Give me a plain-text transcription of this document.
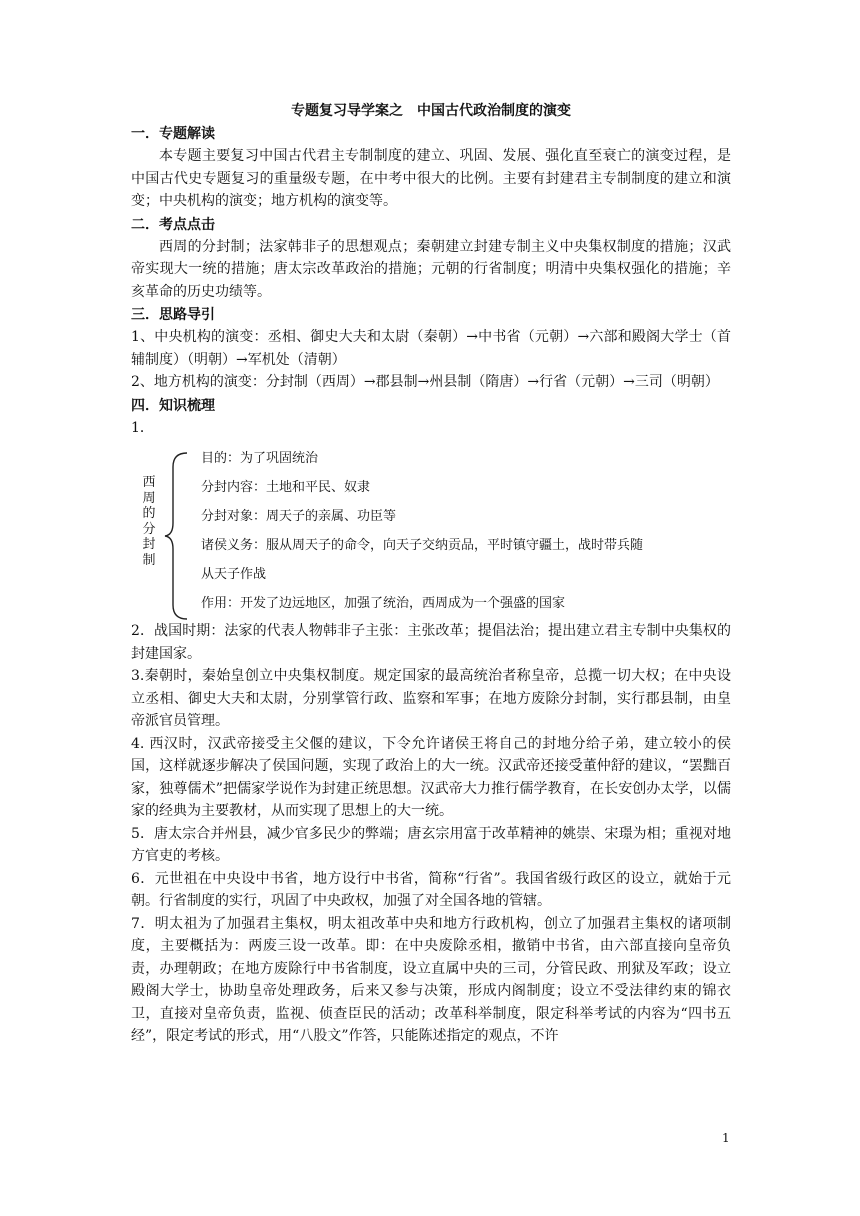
专题复习导学案之　中国古代政治制度的演变
一．专题解读

本专题主要复习中国古代君主专制制度的建立、巩固、发展、强化直至衰亡的演变过程，是中国古代史专题复习的重量级专题，在中考中很大的比例。主要有封建君主专制制度的建立和演变；中央机构的演变；地方机构的演变等。

二．考点点击

西周的分封制；法家韩非子的思想观点；秦朝建立封建专制主义中央集权制度的措施；汉武帝实现大一统的措施；唐太宗改革政治的措施；元朝的行省制度；明清中央集权强化的措施；辛亥革命的历史功绩等。

三．思路导引

1、中央机构的演变：丞相、御史大夫和太尉（秦朝）→中书省（元朝）→六部和殿阁大学士（首辅制度）（明朝）→军机处（清朝）

2、地方机构的演变：分封制（西周）→郡县制→州县制（隋唐）→行省（元朝）→三司（明朝）

四．知识梳理

1．

西周的分封制
目的：为了巩固统治
分封内容：土地和平民、奴隶
分封对象：周天子的亲属、功臣等
诸侯义务：服从周天子的命令，向天子交纳贡品，平时镇守疆土，战时带兵随
从天子作战
作用：开发了边远地区，加强了统治，西周成为一个强盛的国家

2．战国时期：法家的代表人物韩非子主张：主张改革；提倡法治；提出建立君主专制中央集权的封建国家。

3.秦朝时，秦始皇创立中央集权制度。规定国家的最高统治者称皇帝，总揽一切大权；在中央设立丞相、御史大夫和太尉，分别掌管行政、监察和军事；在地方废除分封制，实行郡县制，由皇帝派官员管理。

4. 西汉时，汉武帝接受主父偃的建议，下令允许诸侯王将自己的封地分给子弟，建立较小的侯国，这样就逐步解决了侯国问题，实现了政治上的大一统。汉武帝还接受董仲舒的建议，“罢黜百家，独尊儒术”把儒家学说作为封建正统思想。汉武帝大力推行儒学教育，在长安创办太学，以儒家的经典为主要教材，从而实现了思想上的大一统。

5．唐太宗合并州县，减少官多民少的弊端；唐玄宗用富于改革精神的姚崇、宋璟为相；重视对地方官吏的考核。

6．元世祖在中央设中书省，地方设行中书省，简称“行省”。我国省级行政区的设立，就始于元朝。行省制度的实行，巩固了中央政权，加强了对全国各地的管辖。

7．明太祖为了加强君主集权，明太祖改革中央和地方行政机构，创立了加强君主集权的诸项制度，主要概括为：两废三设一改革。即：在中央废除丞相，撤销中书省，由六部直接向皇帝负责，办理朝政；在地方废除行中书省制度，设立直属中央的三司，分管民政、刑狱及军政；设立殿阁大学士，协助皇帝处理政务，后来又参与决策，形成内阁制度；设立不受法律约束的锦衣卫，直接对皇帝负责，监视、侦查臣民的活动；改革科举制度，限定科举考试的内容为“四书五经”，限定考试的形式，用“八股文”作答，只能陈述指定的观点，不许

1
